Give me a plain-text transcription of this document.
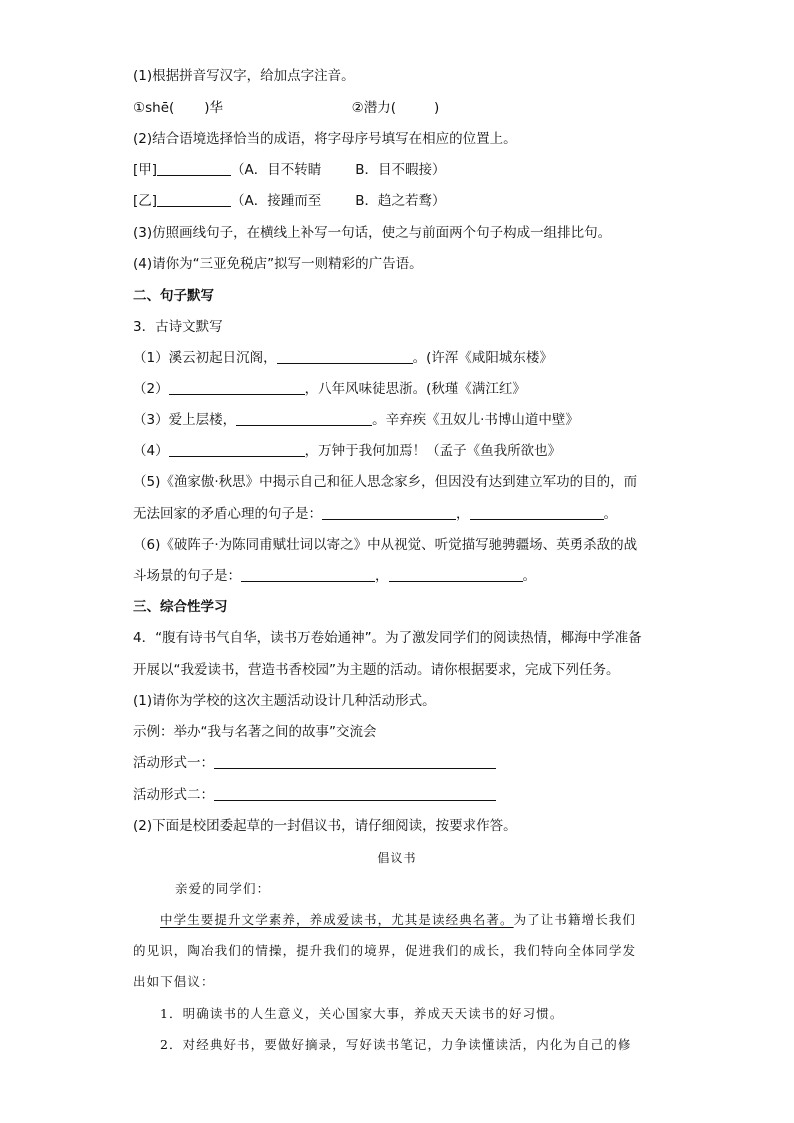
(1)根据拼音写汉字，给加点字注音。
①shē( )华	②潜力(	)
(2)结合语境选择恰当的成语，将字母序号填写在相应的位置上。
[甲]	（A．目不转睛	B．目不暇接）
[乙]	（A．接踵而至	B．趋之若鹜）
(3)仿照画线句子，在横线上补写一句话，使之与前面两个句子构成一组排比句。
(4)请你为“三亚免税店”拟写一则精彩的广告语。
二、句子默写
3．古诗文默写
（1）溪云初起日沉阁，	。(许浑《咸阳城东楼》
（2）	，八年风味徒思浙。(秋瑾《满江红》
（3）爱上层楼，	。辛弃疾《丑奴儿·书博山道中壁》
（4）	，万钟于我何加焉！（孟子《鱼我所欲也》
（5)《渔家傲·秋思》中揭示自己和征人思念家乡，但因没有达到建立军功的目的，而
无法回家的矛盾心理的句子是：	，	。
（6)《破阵子·为陈同甫赋壮词以寄之》中从视觉、听觉描写驰骋疆场、英勇杀敌的战
斗场景的句子是：	，	。
三、综合性学习
4．“腹有诗书气自华，读书万卷始通神”。为了激发同学们的阅读热情，椰海中学准备
开展以“我爱读书，营造书香校园”为主题的活动。请你根据要求，完成下列任务。
(1)请你为学校的这次主题活动设计几种活动形式。
示例：举办“我与名著之间的故事”交流会
活动形式一：
活动形式二：
(2)下面是校团委起草的一封倡议书，请仔细阅读，按要求作答。
倡议书
亲爱的同学们：
中学生要提升文学素养，养成爱读书，尤其是读经典名著。为了让书籍增长我们
的见识，陶冶我们的情操，提升我们的境界，促进我们的成长，我们特向全体同学发
出如下倡议：
1．明确读书的人生意义，关心国家大事，养成天天读书的好习惯。
2．对经典好书，要做好摘录，写好读书笔记，力争读懂读活，内化为自己的修
